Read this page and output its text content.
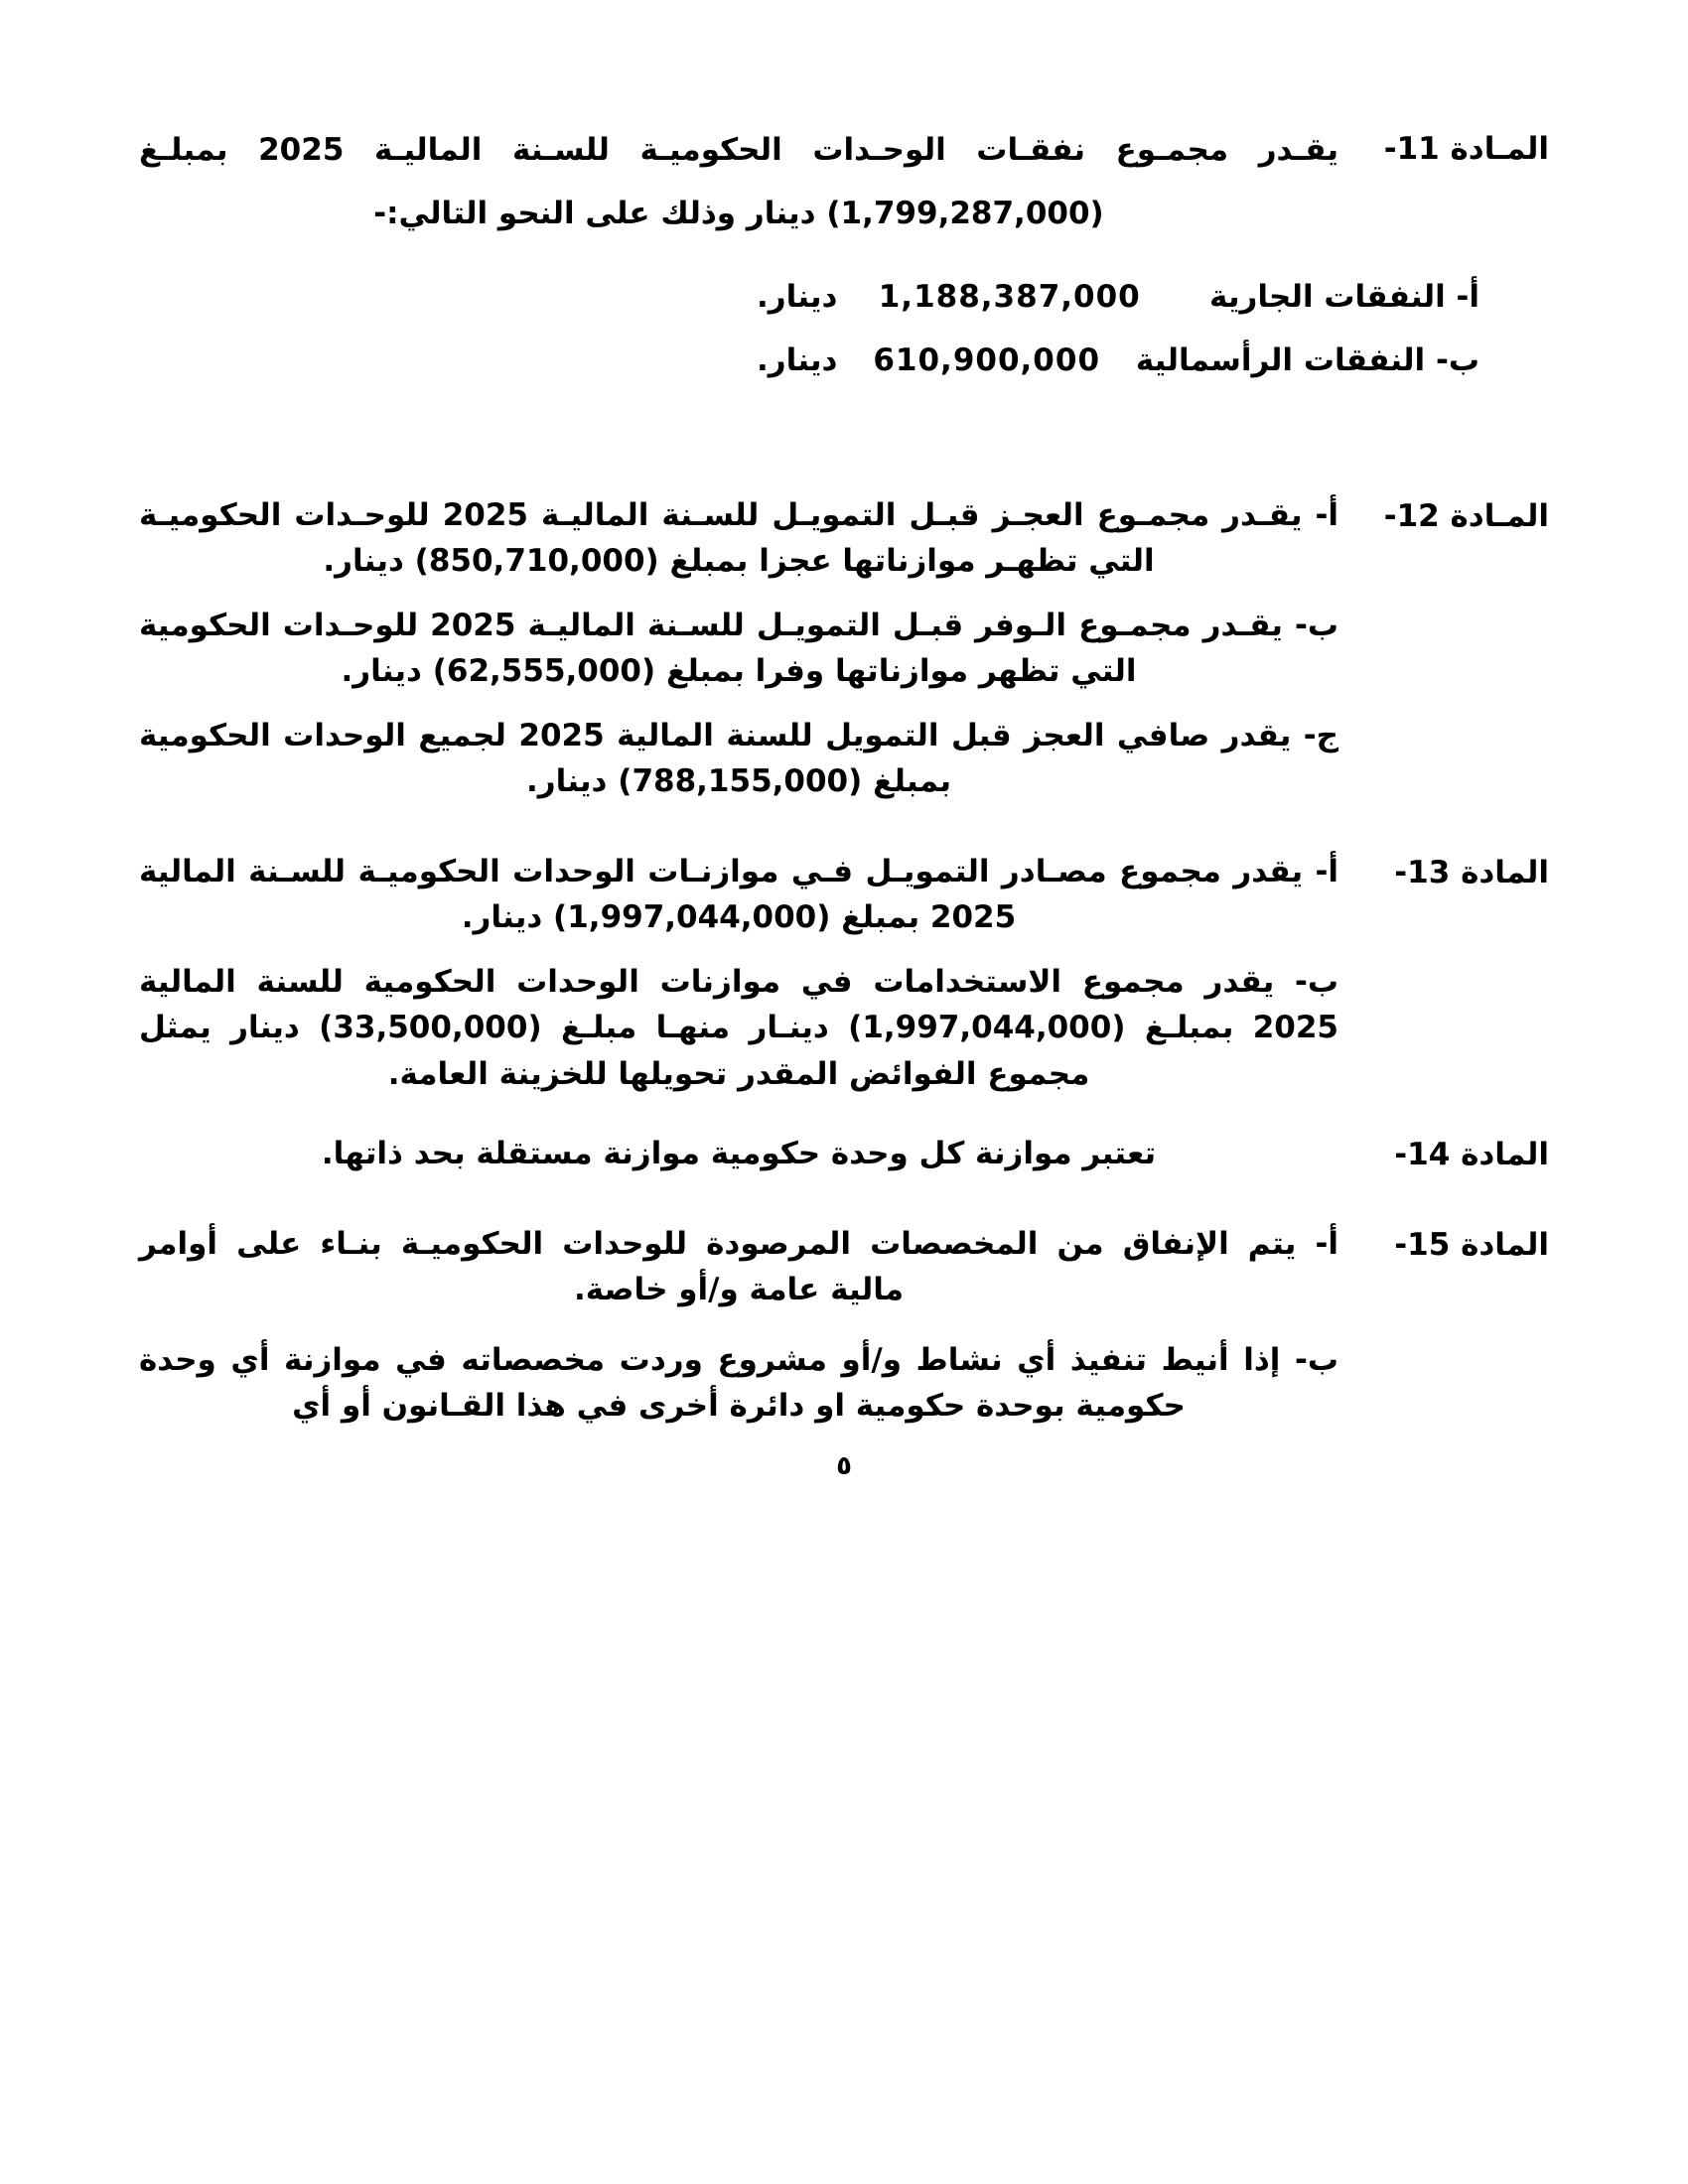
المـادة 11-

يقـدر مجمـوع نفقـات الوحـدات الحكوميـة للسـنة الماليـة 2025 بمبلـغ

(1,799,287,000) دينار وذلك على النحو التالي:-

أ- النفقات الجارية
1,188,387,000
دينار.
ب- النفقات الرأسمالية
610,900,000
دينار.
المـادة 12-

أ- يقـدر مجمـوع العجـز قبـل التمويـل للسـنة الماليـة 2025 للوحـدات الحكوميـة التي تظهـر موازناتها عجزا بمبلغ (850,710,000) دينار.

ب- يقـدر مجمـوع الـوفر قبـل التمويـل للسـنة الماليـة 2025 للوحـدات الحكومية التي تظهر موازناتها وفرا بمبلغ (62,555,000) دينار.

ج- يقدر صافي العجز قبل التمويل للسنة المالية 2025 لجميع الوحدات الحكومية بمبلغ (788,155,000) دينار.

المادة 13-

أ- يقدر مجموع مصـادر التمويـل فـي موازنـات الوحدات الحكوميـة للسـنة المالية 2025 بمبلغ (1,997,044,000) دينار.

ب- يقدر مجموع الاستخدامات في موازنات الوحدات الحكومية للسنة المالية 2025 بمبلـغ (1,997,044,000) دينـار منهـا مبلـغ (33,500,000) دينار يمثل مجموع الفوائض المقدر تحويلها للخزينة العامة.

المادة 14-

تعتبر موازنة كل وحدة حكومية موازنة مستقلة بحد ذاتها.

المادة 15-

أ- يتم الإنفاق من المخصصات المرصودة للوحدات الحكوميـة بنـاء على أوامر مالية عامة و/أو خاصة.

ب- إذا أنيط تنفيذ أي نشاط و/أو مشروع وردت مخصصاته في موازنة أي وحدة حكومية بوحدة حكومية او دائرة أخرى في هذا القـانون أو أي

٥
